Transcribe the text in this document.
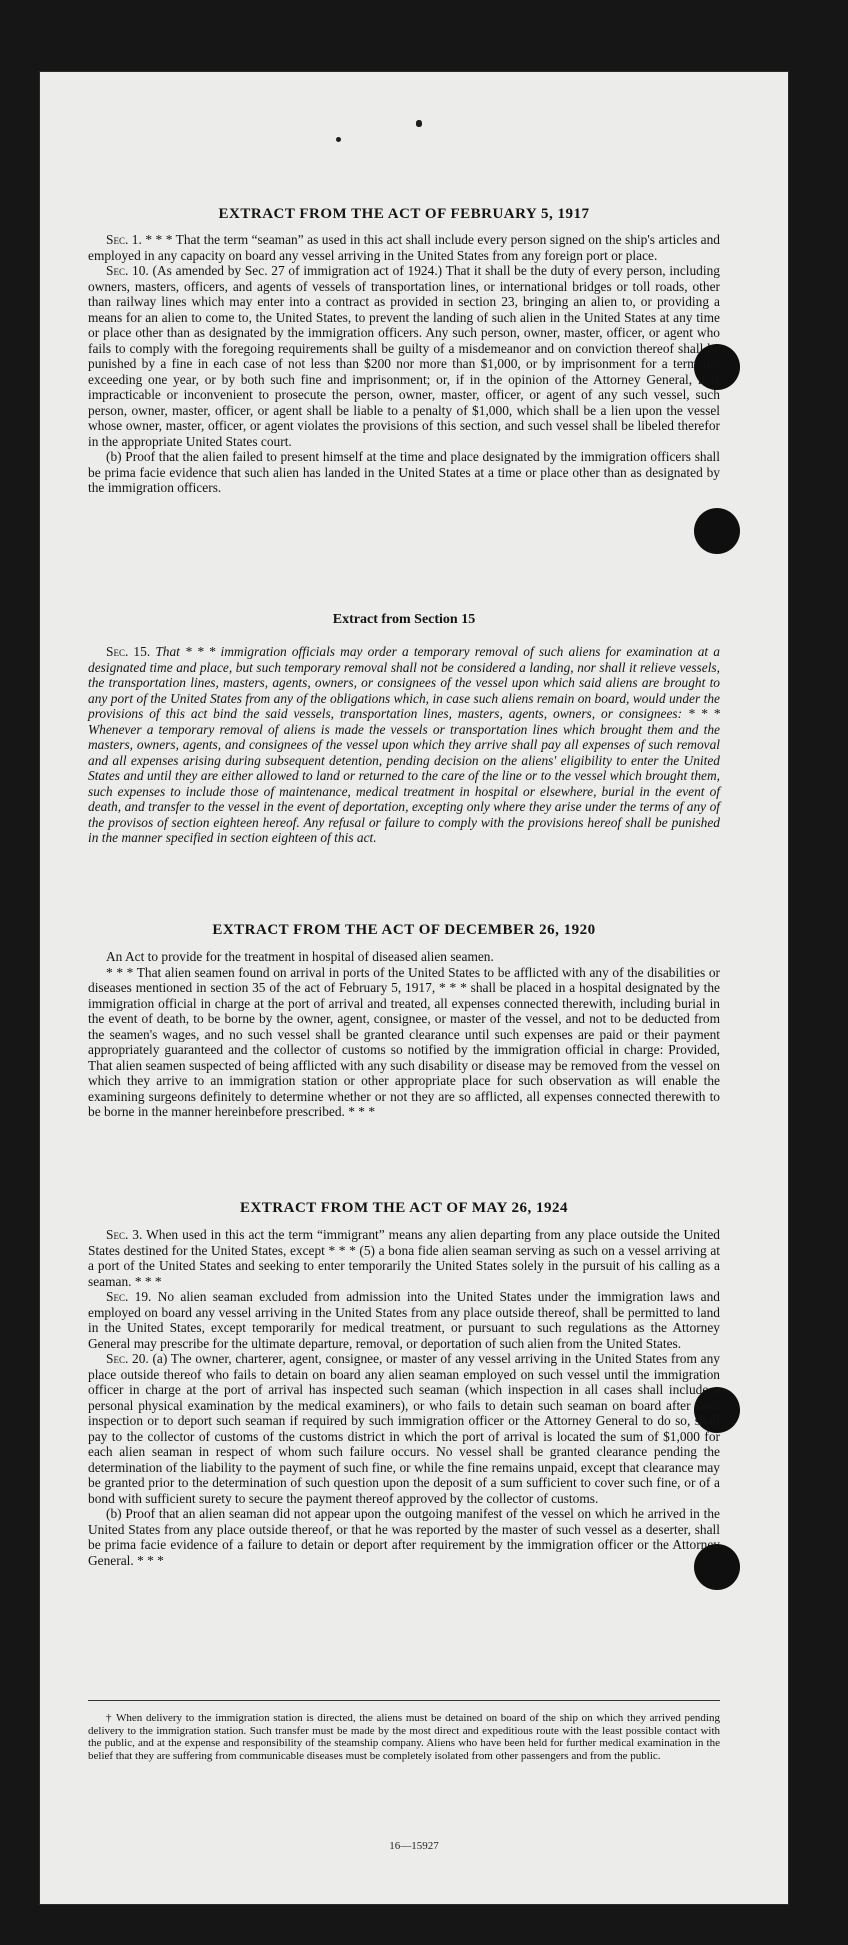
EXTRACT FROM THE ACT OF FEBRUARY 5, 1917

Sec. 1. * * * That the term “seaman” as used in this act shall include every person signed on the ship's articles and employed in any capacity on board any vessel arriving in the United States from any foreign port or place.

Sec. 10. (As amended by Sec. 27 of immigration act of 1924.) That it shall be the duty of every person, including owners, masters, officers, and agents of vessels of transportation lines, or international bridges or toll roads, other than railway lines which may enter into a contract as provided in section 23, bringing an alien to, or providing a means for an alien to come to, the United States, to prevent the landing of such alien in the United States at any time or place other than as designated by the immigration officers. Any such person, owner, master, officer, or agent who fails to comply with the foregoing requirements shall be guilty of a misdemeanor and on conviction thereof shall be punished by a fine in each case of not less than $200 nor more than $1,000, or by imprisonment for a term not exceeding one year, or by both such fine and imprisonment; or, if in the opinion of the Attorney General, it is impracticable or inconvenient to prosecute the person, owner, master, officer, or agent of any such vessel, such person, owner, master, officer, or agent shall be liable to a penalty of $1,000, which shall be a lien upon the vessel whose owner, master, officer, or agent violates the provisions of this section, and such vessel shall be libeled therefor in the appropriate United States court.

(b) Proof that the alien failed to present himself at the time and place designated by the immigration officers shall be prima facie evidence that such alien has landed in the United States at a time or place other than as designated by the immigration officers.

Extract from Section 15

Sec. 15. That * * * immigration officials may order a temporary removal of such aliens for examination at a designated time and place, but such temporary removal shall not be considered a landing, nor shall it relieve vessels, the transportation lines, masters, agents, owners, or consignees of the vessel upon which said aliens are brought to any port of the United States from any of the obligations which, in case such aliens remain on board, would under the provisions of this act bind the said vessels, transportation lines, masters, agents, owners, or consignees: * * * Whenever a temporary removal of aliens is made the vessels or transportation lines which brought them and the masters, owners, agents, and consignees of the vessel upon which they arrive shall pay all expenses of such removal and all expenses arising during subsequent detention, pending decision on the aliens' eligibility to enter the United States and until they are either allowed to land or returned to the care of the line or to the vessel which brought them, such expenses to include those of maintenance, medical treatment in hospital or elsewhere, burial in the event of death, and transfer to the vessel in the event of deportation, excepting only where they arise under the terms of any of the provisos of section eighteen hereof. Any refusal or failure to comply with the provisions hereof shall be punished in the manner specified in section eighteen of this act.

EXTRACT FROM THE ACT OF DECEMBER 26, 1920

An Act to provide for the treatment in hospital of diseased alien seamen.

* * * That alien seamen found on arrival in ports of the United States to be afflicted with any of the disabilities or diseases mentioned in section 35 of the act of February 5, 1917, * * * shall be placed in a hospital designated by the immigration official in charge at the port of arrival and treated, all expenses connected therewith, including burial in the event of death, to be borne by the owner, agent, consignee, or master of the vessel, and not to be deducted from the seamen's wages, and no such vessel shall be granted clearance until such expenses are paid or their payment appropriately guaranteed and the collector of customs so notified by the immigration official in charge: Provided, That alien seamen suspected of being afflicted with any such disability or disease may be removed from the vessel on which they arrive to an immigration station or other appropriate place for such observation as will enable the examining surgeons definitely to determine whether or not they are so afflicted, all expenses connected therewith to be borne in the manner hereinbefore prescribed. * * *

EXTRACT FROM THE ACT OF MAY 26, 1924

Sec. 3. When used in this act the term “immigrant” means any alien departing from any place outside the United States destined for the United States, except * * * (5) a bona fide alien seaman serving as such on a vessel arriving at a port of the United States and seeking to enter temporarily the United States solely in the pursuit of his calling as a seaman. * * *

Sec. 19. No alien seaman excluded from admission into the United States under the immigration laws and employed on board any vessel arriving in the United States from any place outside thereof, shall be permitted to land in the United States, except temporarily for medical treatment, or pursuant to such regulations as the Attorney General may prescribe for the ultimate departure, removal, or deportation of such alien from the United States.

Sec. 20. (a) The owner, charterer, agent, consignee, or master of any vessel arriving in the United States from any place outside thereof who fails to detain on board any alien seaman employed on such vessel until the immigration officer in charge at the port of arrival has inspected such seaman (which inspection in all cases shall include a personal physical examination by the medical examiners), or who fails to detain such seaman on board after such inspection or to deport such seaman if required by such immigration officer or the Attorney General to do so, shall pay to the collector of customs of the customs district in which the port of arrival is located the sum of $1,000 for each alien seaman in respect of whom such failure occurs. No vessel shall be granted clearance pending the determination of the liability to the payment of such fine, or while the fine remains unpaid, except that clearance may be granted prior to the determination of such question upon the deposit of a sum sufficient to cover such fine, or of a bond with sufficient surety to secure the payment thereof approved by the collector of customs.

(b) Proof that an alien seaman did not appear upon the outgoing manifest of the vessel on which he arrived in the United States from any place outside thereof, or that he was reported by the master of such vessel as a deserter, shall be prima facie evidence of a failure to detain or deport after requirement by the immigration officer or the Attorney General. * * *

† When delivery to the immigration station is directed, the aliens must be detained on board of the ship on which they arrived pending delivery to the immigration station. Such transfer must be made by the most direct and expeditious route with the least possible contact with the public, and at the expense and responsibility of the steamship company. Aliens who have been held for further medical examination in the belief that they are suffering from communicable diseases must be completely isolated from other passengers and from the public.

16—15927
